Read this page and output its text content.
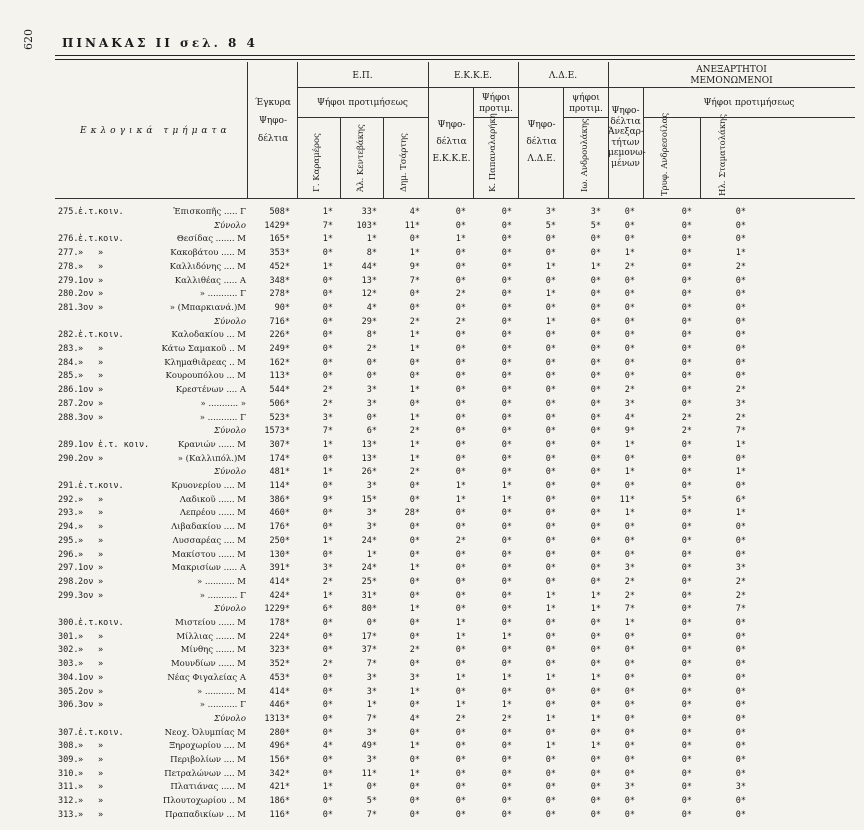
620 ΠΙΝΑΚΑΣ ΙΙ σελ. 8 4
Εκλογικά τμήματα
Έγκυρα
Ψηφο-
δέλτια
Ε.Π.
Ψήφοι προτιμήσεως
Γ. Καραμέρος	Άλ. Κεντεβάκης	Δημ. Τσάρτης
Ε.Κ.Κ.Ε.
Ψηφο-
δέλτια
Ε.Κ.Κ.Ε.
Ψήφοι
προτιμ.
Κ. Παπαναλαρήκη
Λ.Δ.Ε.
Ψηφο-
δέλτια
Λ.Δ.Ε.
ψήφοι
προτιμ.
Ιω. Ανδρουλάκης
ΑΝΕΞΑΡΤΗΤΟΙ
ΜΕΜΟΝΩΜΕΝΟΙ
Ψηφο-
δέλτια
Άνεξαρ-
τήτων
μεμονω-
μένων
Ψήφοι προτιμήσεως
Τρυφ. Ανδρεσοίλας	Ηλ. Σταματολάκης
275. ἐ.τ. κοιν.	Ἐπισκοπῆς ..... Γ	508*	1*	33*	4*	0*	0*	3*	3*	0*	0*	0*
Σύνολο	1429*	7*	103*	11*	0*	0*	5*	5*	0*	0*	0*
276. ἐ.τ. κοιν.	Θεσίδας ....... Μ	165*	1*	1*	0*	1*	0*	0*	0*	0*	0*	0*
277. » »	Κακοβάτου ..... Μ	353*	0*	8*	1*	0*	0*	0*	0*	1*	0*	1*
278. » »	Καλλιδόνης .... Μ	452*	1*	44*	9*	0*	0*	1*	1*	2*	0*	2*
279. 1ον »	Καλλιθέας ..... Α	348*	0*	13*	7*	0*	0*	0*	0*	0*	0*	0*
280. 2ον »	» ........... Γ	278*	0*	12*	0*	2*	0*	1*	0*	0*	0*	0*
281. 3ον »	» (Μπαρκιανά.)Μ	90*	0*	4*	0*	0*	0*	0*	0*	0*	0*	0*
Σύνολο	716*	0*	29*	2*	2*	0*	1*	0*	0*	0*	0*
282. ἐ.τ. κοιν.	Καλοδακίου ... Μ	226*	0*	8*	1*	0*	0*	0*	0*	0*	0*	0*
283. » »	Κάτω Σαμακοῦ .. Μ	249*	0*	2*	1*	0*	0*	0*	0*	0*	0*	0*
284. » »	Κλημαθιᾶρεας .. Μ	162*	0*	0*	0*	0*	0*	0*	0*	0*	0*	0*
285. » »	Κουρουπόλου ... Μ	113*	0*	0*	0*	0*	0*	0*	0*	0*	0*	0*
286. 1ον »	Κρεστένων .... Α	544*	2*	3*	1*	0*	0*	0*	0*	2*	0*	2*
287. 2ον »	» ........... »	506*	2*	3*	0*	0*	0*	0*	0*	3*	0*	3*
288. 3ον »	» ........... Γ	523*	3*	0*	1*	0*	0*	0*	0*	4*	2*	2*
Σύνολο	1573*	7*	6*	2*	0*	0*	0*	0*	9*	2*	7*
289. 1ον ἐ.τ. κοιν.	Κρανιών ...... Μ	307*	1*	13*	1*	0*	0*	0*	0*	1*	0*	1*
290. 2ον »	» (Καλλιπόλ.)Μ	174*	0*	13*	1*	0*	0*	0*	0*	0*	0*	0*
Σύνολο	481*	1*	26*	2*	0*	0*	0*	0*	1*	0*	1*
291. ἐ.τ. κοιν.	Κρυονερίου .... Μ	114*	0*	3*	0*	1*	1*	0*	0*	0*	0*	0*
292. » »	Λαδικοῦ ...... Μ	386*	9*	15*	0*	1*	1*	0*	0*	11*	5*	6*
293. » »	Λεπρέου ...... Μ	460*	0*	3*	28*	0*	0*	0*	0*	1*	0*	1*
294. » »	Λιβαδακίου .... Μ	176*	0*	3*	0*	0*	0*	0*	0*	0*	0*	0*
295. » »	Λυσσαρέας .... Μ	250*	1*	24*	0*	2*	0*	0*	0*	0*	0*	0*
296. » »	Μακίστου ...... Μ	130*	0*	1*	0*	0*	0*	0*	0*	0*	0*	0*
297. 1ον »	Μακρισίων ..... Α	391*	3*	24*	1*	0*	0*	0*	0*	3*	0*	3*
298. 2ον »	» ........... Μ	414*	2*	25*	0*	0*	0*	0*	0*	2*	0*	2*
299. 3ον »	» ........... Γ	424*	1*	31*	0*	0*	0*	1*	1*	2*	0*	2*
Σύνολο	1229*	6*	80*	1*	0*	0*	1*	1*	7*	0*	7*
300. ἐ.τ. κοιν.	Μιστείου ...... Μ	178*	0*	0*	0*	1*	0*	0*	0*	1*	0*	0*
301. » »	Μίλλιας ....... Μ	224*	0*	17*	0*	1*	1*	0*	0*	0*	0*	0*
302. » »	Μίνθης ....... Μ	323*	0*	37*	2*	0*	0*	0*	0*	0*	0*	0*
303. » »	Μουνδίων ...... Μ	352*	2*	7*	0*	0*	0*	0*	0*	0*	0*	0*
304. 1ον »	Νέας Φιγαλείας Α	453*	0*	3*	3*	1*	1*	1*	1*	0*	0*	0*
305. 2ον »	» ........... Μ	414*	0*	3*	1*	0*	0*	0*	0*	0*	0*	0*
306. 3ον »	» ........... Γ	446*	0*	1*	0*	1*	1*	0*	0*	0*	0*	0*
Σύνολο	1313*	0*	7*	4*	2*	2*	1*	1*	0*	0*	0*
307. ἐ.τ. κοιν.	Νεοχ. Ὀλυμπίας Μ	280*	0*	3*	0*	0*	0*	0*	0*	0*	0*	0*
308. » »	Ξηροχωρίου .... Μ	496*	4*	49*	1*	0*	0*	1*	1*	0*	0*	0*
309. » »	Περιβολίων .... Μ	156*	0*	3*	0*	0*	0*	0*	0*	0*	0*	0*
310. » »	Πετραλώνων .... Μ	342*	0*	11*	1*	0*	0*	0*	0*	0*	0*	0*
311. » »	Πλατιάνας ..... Μ	421*	1*	0*	0*	0*	0*	0*	0*	3*	0*	3*
312. » »	Πλουτοχωρίου .. Μ	186*	0*	5*	0*	0*	0*	0*	0*	0*	0*	0*
313. » »	Πραπαδικίων ... Μ	116*	0*	7*	0*	0*	0*	0*	0*	0*	0*	0*
